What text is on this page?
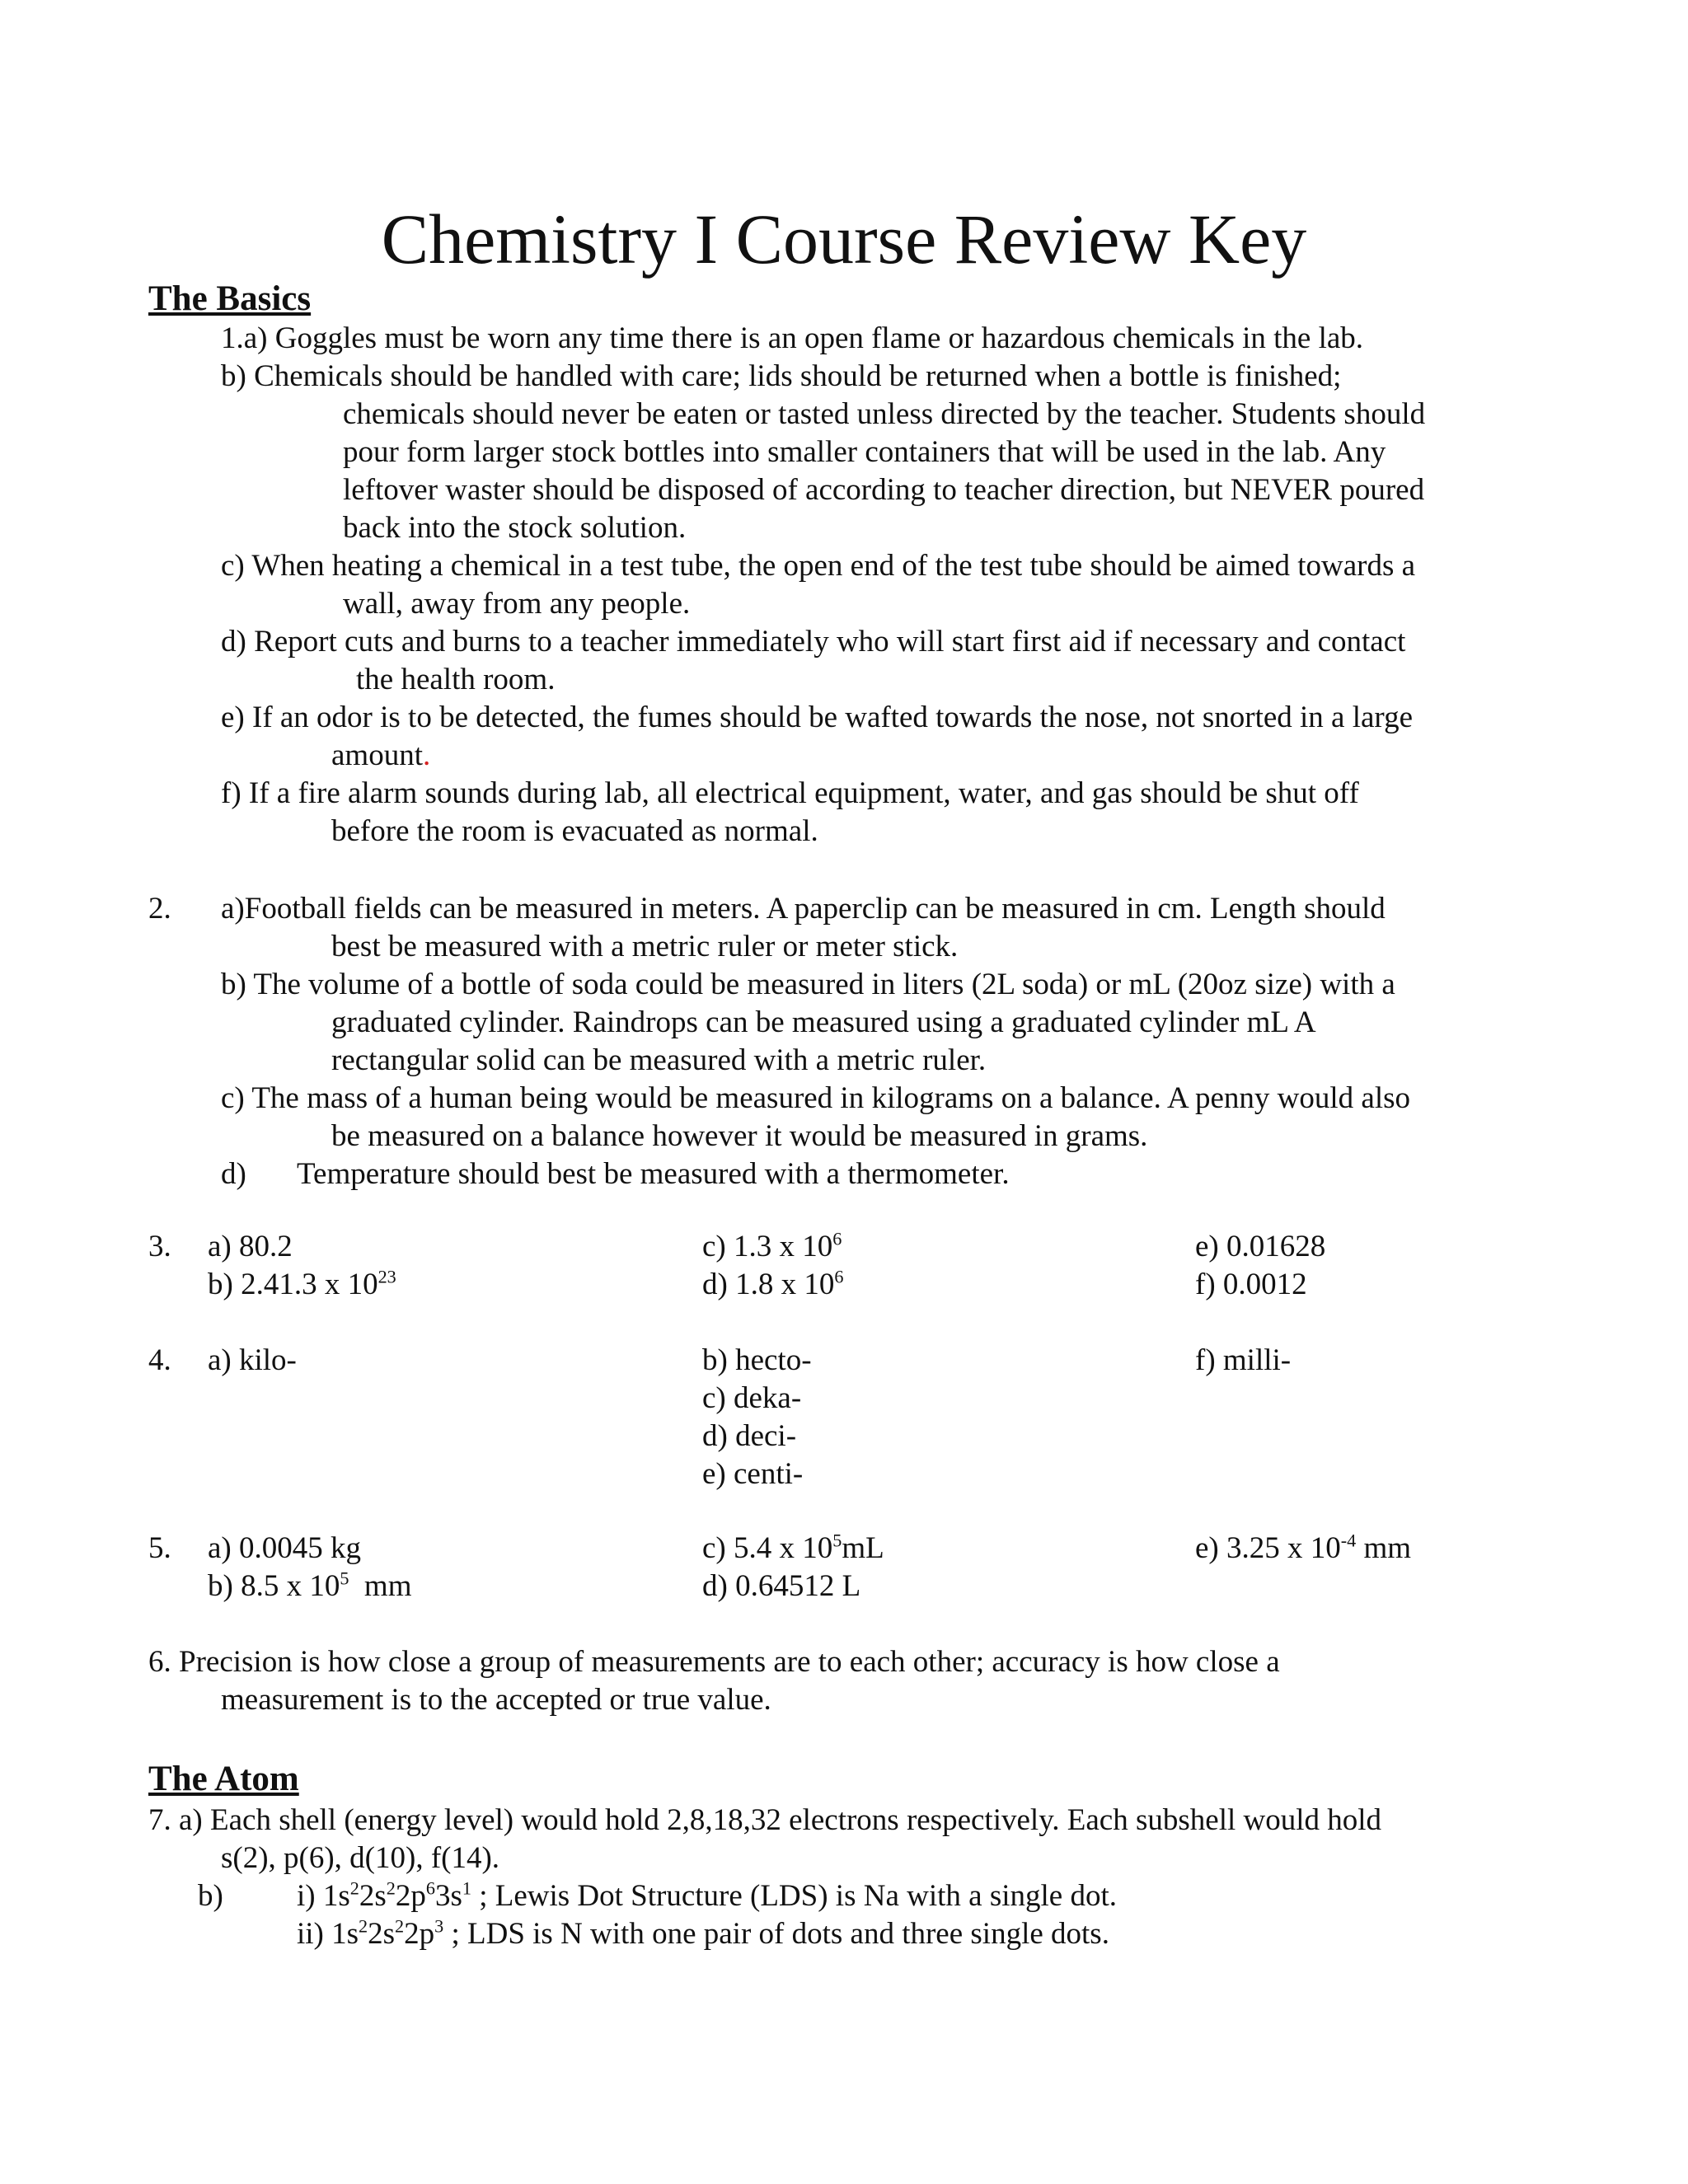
Chemistry I Course Review Key
The Basics
1.a) Goggles must be worn any time there is an open flame or hazardous chemicals in the lab.
b) Chemicals should be handled with care; lids should be returned when a bottle is finished;
chemicals should never be eaten or tasted unless directed by the teacher. Students should
pour form larger stock bottles into smaller containers that will be used in the lab. Any
leftover waster should be disposed of according to teacher direction, but NEVER poured
back into the stock solution.
c) When heating a chemical in a test tube, the open end of the test tube should be aimed towards a
wall, away from any people.
d) Report cuts and burns to a teacher immediately who will start first aid if necessary and contact
the health room.
e) If an odor is to be detected, the fumes should be wafted towards the nose, not snorted in a large
amount.
f) If a fire alarm sounds during lab, all electrical equipment, water, and gas should be shut off
before the room is evacuated as normal.
2. a)Football fields can be measured in meters. A paperclip can be measured in cm. Length should
best be measured with a metric ruler or meter stick.
b) The volume of a bottle of soda could be measured in liters (2L soda) or mL (20oz size) with a
graduated cylinder. Raindrops can be measured using a graduated cylinder mL A
rectangular solid can be measured with a metric ruler.
c) The mass of a human being would be measured in kilograms on a balance. A penny would also
be measured on a balance however it would be measured in grams.
d) Temperature should best be measured with a thermometer.
3. a) 80.2
b) 2.41.3 x $10^{23}$
c) 1.3 x $10^6$
d) 1.8 x $10^6$
e) 0.01628
f) 0.0012
4. a) kilo-	b) hecto-
c) deka-
d) deci-
e) centi-
f) milli-
5. a) 0.0045 kg
b) 8.5 x $10^5$  mm
c) 5.4 x $10^5mL$
d) 0.64512 L
e) 3.25 x $10^{-4}$ mm
6. Precision is how close a group of measurements are to each other; accuracy is how close a
measurement is to the accepted or true value.
The Atom
7. a) Each shell (energy level) would hold 2,8,18,32 electrons respectively. Each subshell would hold
s(2), p(6), d(10), f(14).
b) i) $1s^22s^22p^63s^1$ ; Lewis Dot Structure (LDS) is Na with a single dot.
ii) $1s^22s^22p^3$ ; LDS is N with one pair of dots and three single dots.
